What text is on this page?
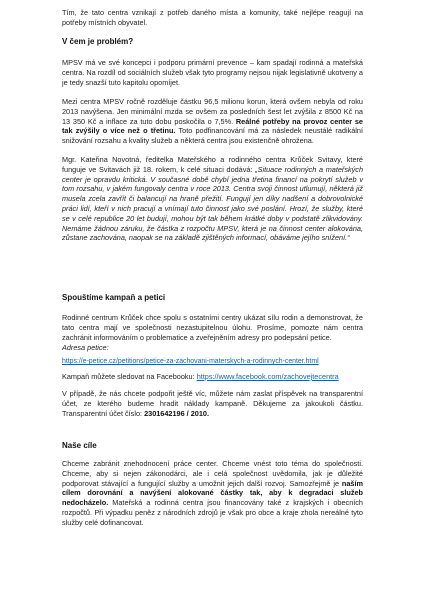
Tím, že tato centra vznikají z potřeb daného místa a komunity, také nejlépe reagují na potřeby místních obyvatel.

V čem je problém?

MPSV má ve své koncepci i podporu primární prevence – kam spadají rodinná a mateřská centra. Na rozdíl od sociálních služeb však tyto programy nejsou nijak legislativně ukotveny a je tedy snazší tuto kapitolu opomíjet.

Mezi centra MPSV ročně rozděluje částku 96,5 milionu korun, která ovšem nebyla od roku 2013 navýšena. Jen minimální mzda se ovšem za posledních šest let zvýšila z 8500 Kč na 13 350 Kč a inflace za tuto dobu poskočila o 7,5%. Reálné potřeby na provoz center se tak zvýšily o více než o třetinu. Toto podfinancování má za následek neustálé radikální snižování rozsahu a kvality služeb a některá centra jsou existenčně ohrožena.

Mgr. Kateřina Novotná, ředitelka Mateřského a rodinného centra Krůček Svitavy, které funguje ve Svitavách již 18. rokem, k celé situaci dodává: „Situace rodinných a mateřských center je opravdu kritická. V současné době chybí jedna třetina financí na pokrytí služeb v tom rozsahu, v jakém fungovaly centra v roce 2013. Centra svoji činnost utlumují, některá již musela zcela zavřít či balancují na hraně přežití. Fungují jen díky nadšení a dobrovolnické práci lidí, kteří v nich pracují a vnímají tuto činnost jako své poslání. Hrozí, že služby, které se v celé republice 20 let budují, mohou být tak během krátké doby v podstatě zlikvidovány. Nemáme žádnou záruku, že částka z rozpočtu MPSV, která je na činnost center alokována, zůstane zachována, naopak se na základě zjištěných informací, obáváme jejího snížení.“

Spouštíme kampaň a petici

Rodinné centrum Krůček chce spolu s ostatními centry ukázat sílu rodin a demonstrovat, že tato centra mají ve společnosti nezastupitelnou úlohu. Prosíme, pomozte nám centra zachránit informováním o problematice a zveřejněním adresy pro podepsání petice.

Adresa petice:

https://e-petice.cz/petitions/petice-za-zachovani-materskych-a-rodinnych-center.html

Kampaň můžete sledovat na Facebooku: https://www.facebook.com/zachovejtecentra

V případě, že nás chcete podpořit ještě víc, můžete nám zaslat příspěvek na transparentní účet, ze kterého budeme hradit náklady kampaně. Děkujeme za jakoukoli částku. Transparentní účet číslo: 2301642196 / 2010.

Naše cíle

Chceme zabránit znehodnocení práce center. Chceme vnést toto téma do společnosti. Chceme, aby si nejen zákonodárci, ale i celá společnost uvědomila, jak je důležité podporovat stávající a fungující služby a umožnit jejich další rozvoj. Samozřejmě je naším cílem dorovnání a navýšení alokované částky tak, aby k degradaci služeb nedocházelo. Mateřská a rodinná centra jsou financovány také z krajských i obecních rozpočtů. Při výpadku peněz z národních zdrojů je však pro obce a kraje zhola nereálné tyto služby celé dofinancovat.
